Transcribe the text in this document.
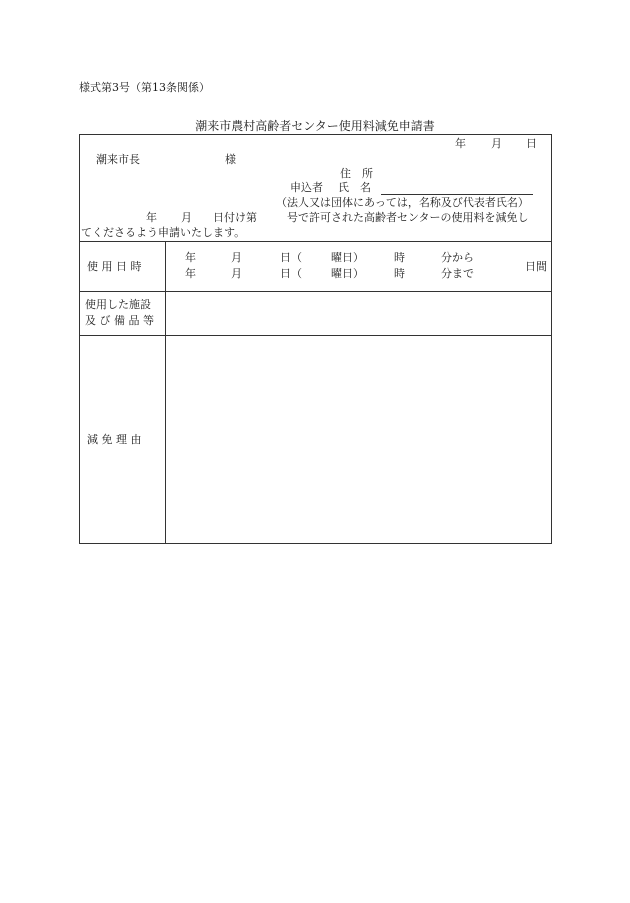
様式第3号（第13条関係）
潮来市農村高齢者センター使用料減免申請書
年 月 日
潮来市長	様
住　所
申込者 氏　名
（法人又は団体にあっては，名称及び代表者氏名）
年 月 日付け第	号で許可された高齢者センターの使用料を減免し
てくださるよう申請いたします。
使 用 日 時
年	月	日（	曜日）	時	分から
年	月	日（	曜日）	時	分まで
日間
使用した施設
及 び 備 品 等
減 免 理 由
